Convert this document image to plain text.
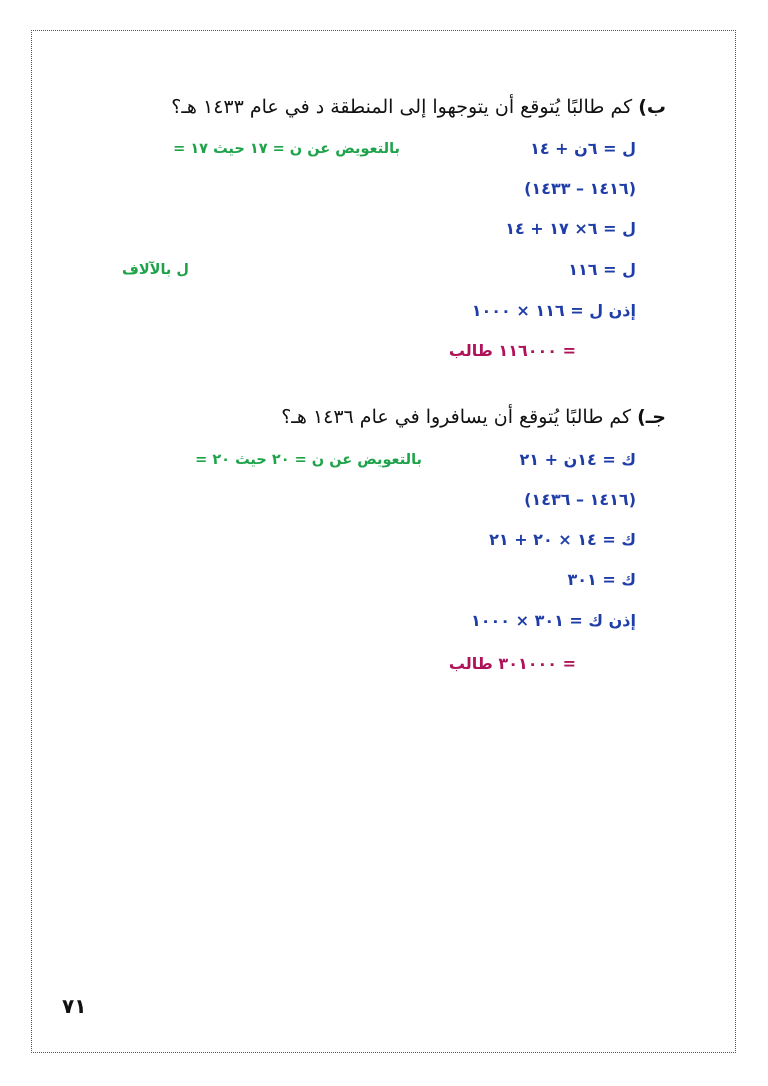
ب) كم طالبًا يُتوقع أن يتوجهوا إلى المنطقة د في عام ١٤٣٣ هـ؟
ل = ٦ن + ١٤
بالتعويض عن ن = ١٧ حيث ١٧ =
(١٤١٦ – ١٤٣٣)
ل = ٦× ١٧ + ١٤
ل = ١١٦
ل بالآلاف
إذن ل = ١١٦ × ١٠٠٠
= ١١٦٠٠٠ طالب
جـ) كم طالبًا يُتوقع أن يسافروا في عام ١٤٣٦ هـ؟
ك = ١٤ن + ٢١
بالتعويض عن ن = ٢٠ حيث ٢٠ =
(١٤١٦ – ١٤٣٦)
ك = ١٤ × ٢٠ + ٢١
ك = ٣٠١
إذن ك = ٣٠١ × ١٠٠٠
= ٣٠١٠٠٠ طالب
٧١
